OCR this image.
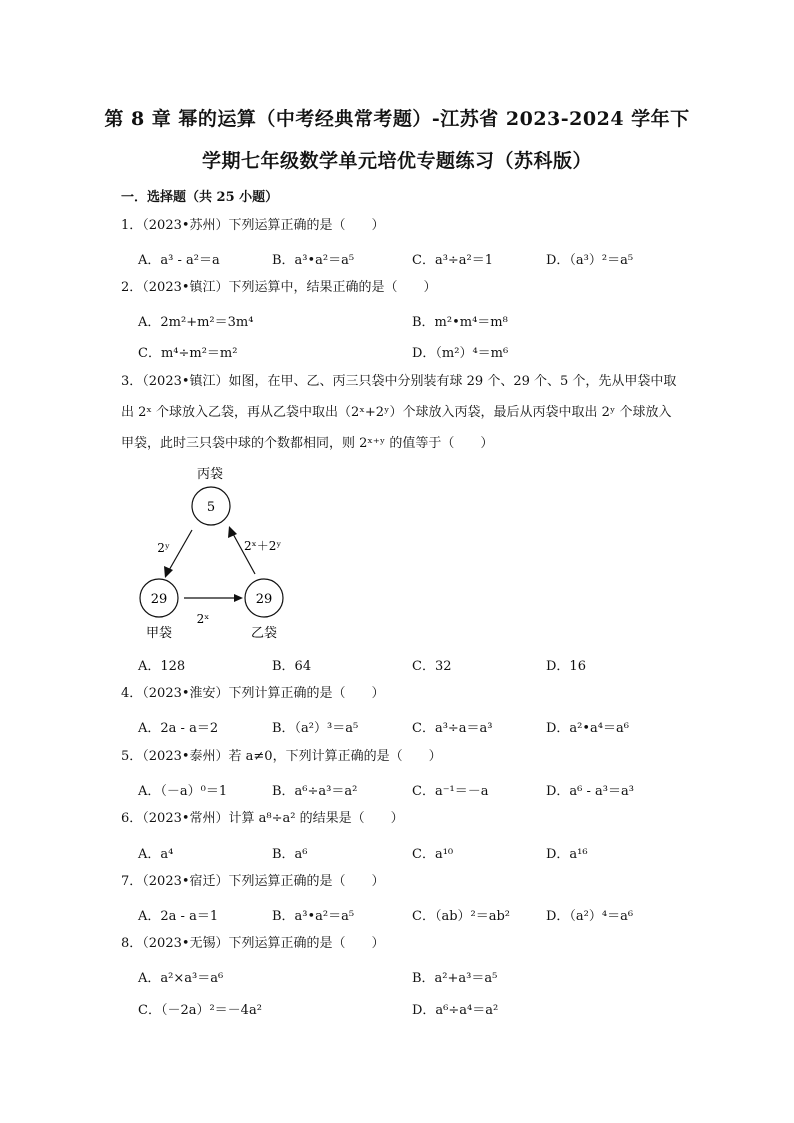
第 8 章 幂的运算（中考经典常考题）-江苏省 2023-2024 学年下
学期七年级数学单元培优专题练习（苏科版）
一．选择题（共 25 小题）
1．（2023•苏州）下列运算正确的是（　　）
A．a³ - a²＝a	B．a³•a²＝a⁵	C．a³÷a²＝1	D．（a³）²＝a⁵
2．（2023•镇江）下列运算中，结果正确的是（　　）
A．2m²+m²＝3m⁴	B．m²•m⁴＝m⁸
C．m⁴÷m²＝m²	D．（m²）⁴＝m⁶
3．（2023•镇江）如图，在甲、乙、丙三只袋中分别装有球 29 个、29 个、5 个，先从甲袋中取出 2ˣ 个球放入乙袋，再从乙袋中取出（2ˣ+2ʸ）个球放入丙袋，最后从丙袋中取出 2ʸ 个球放入甲袋，此时三只袋中球的个数都相同，则 2ˣ⁺ʸ 的值等于（　　）
丙袋
5
29
甲袋
29
乙袋
2ʸ	2ˣ＋2ʸ
2ˣ
A．128	B．64	C．32	D．16
4．（2023•淮安）下列计算正确的是（　　）
A．2a - a＝2	B．（a²）³＝a⁵	C．a³÷a＝a³	D．a²•a⁴＝a⁶
5．（2023•泰州）若 a≠0，下列计算正确的是（　　）
A．（－a）⁰＝1	B．a⁶÷a³＝a²	C．a⁻¹＝－a	D．a⁶ - a³＝a³
6．（2023•常州）计算 a⁸÷a² 的结果是（　　）
A．a⁴	B．a⁶	C．a¹⁰	D．a¹⁶
7．（2023•宿迁）下列运算正确的是（　　）
A．2a - a＝1	B．a³•a²＝a⁵	C．（ab）²＝ab²	D．（a²）⁴＝a⁶
8．（2023•无锡）下列运算正确的是（　　）
A．a²×a³＝a⁶	B．a²+a³＝a⁵
C．（－2a）²＝－4a²	D．a⁶÷a⁴＝a²
